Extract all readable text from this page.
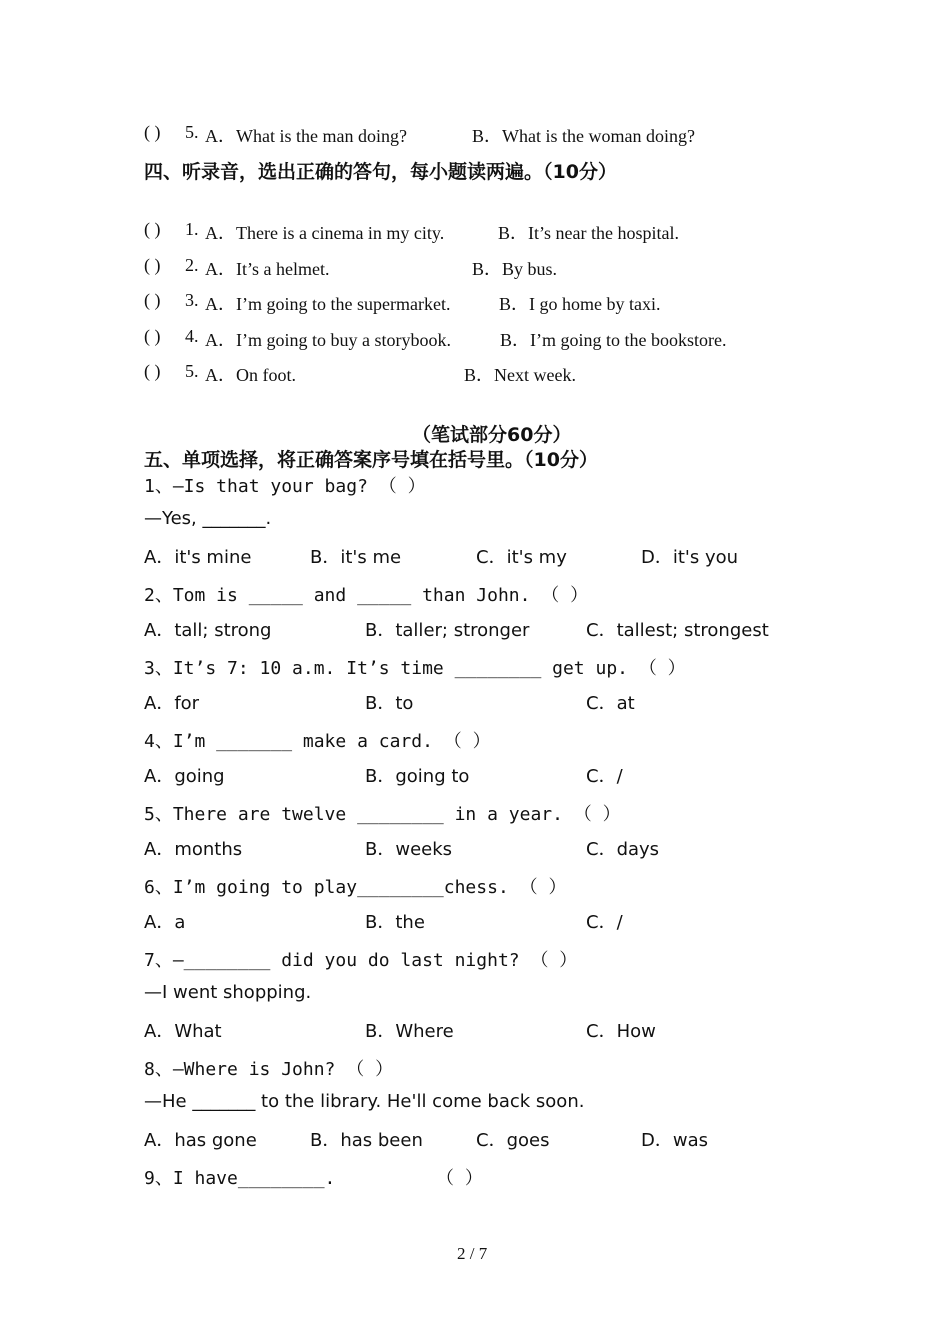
( ) 5. A．What is the man doing?	B．What is the woman doing?
四、听录音，选出正确的答句，每小题读两遍。（10分）
( ) 1. A．There is a cinema in my city.	B．It’s near the hospital.
( ) 2. A．It’s a helmet.	B．By bus.
( ) 3. A．I’m going to the supermarket.	B．I go home by taxi.
( ) 4. A．I’m going to buy a storybook.	B．I’m going to the bookstore.
( ) 5. A．On foot.	B．Next week.
（笔试部分60分）
五、单项选择，将正确答案序号填在括号里。（10分）
1、—Is that your bag? （ ）
—Yes, _______.
A．it's mine	B．it's me	C．it's my	D．it's you
2、Tom is _____ and _____ than John. （ ）
A．tall; strong	B．taller; stronger	C．tallest; strongest
3、It’s 7: 10 a.m. It’s time ________ get up. （ ）
A．for	B．to	C．at
4、I’m _______ make a card. （ ）
A．going	B．going to	C．/
5、There are twelve ________ in a year. （ ）
A．months	B．weeks	C．days
6、I’m going to play________chess. （ ）
A．a	B．the	C．/
7、—________ did you do last night? （ ）
—I went shopping.
A．What	B．Where	C．How
8、—Where is John? （ ）
—He _______ to the library. He'll come back soon.
A．has gone	B．has been	C．goes	D．was
9、I have________.	（ ）
2 / 7
